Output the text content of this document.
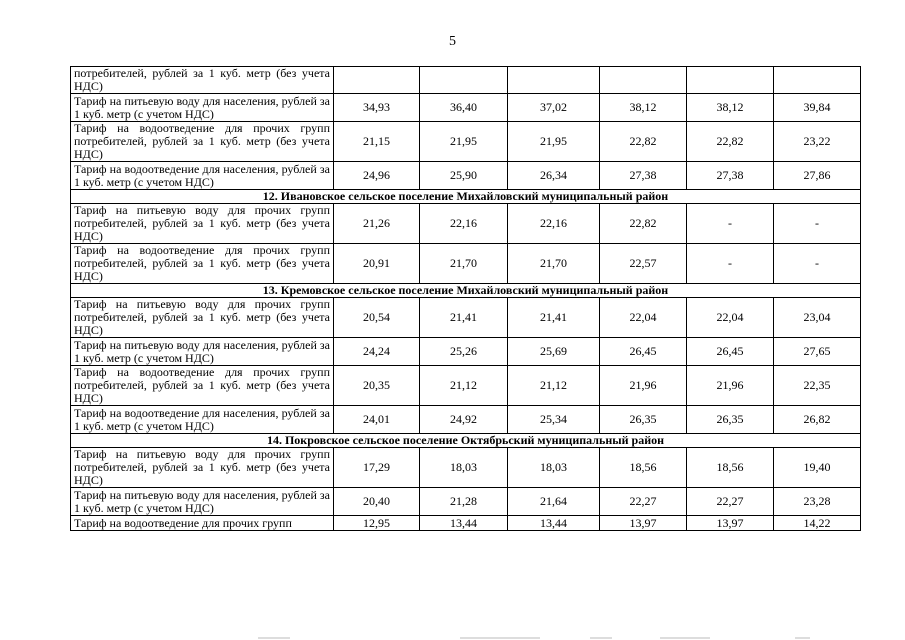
5
потребителей, рублей за 1 куб. метр (без учета НДС)						
Тариф на питьевую воду для населения, рублей за 1 куб. метр (с учетом НДС)	34,93	36,40	37,02	38,12	38,12	39,84
Тариф на водоотведение для прочих групп потребителей, рублей за 1 куб. метр (без учета НДС)	21,15	21,95	21,95	22,82	22,82	23,22
Тариф на водоотведение для населения, рублей за 1 куб. метр (с учетом НДС)	24,96	25,90	26,34	27,38	27,38	27,86
12. Ивановское сельское поселение Михайловский муниципальный район						
Тариф на питьевую воду для прочих групп потребителей, рублей за 1 куб. метр (без учета НДС)	21,26	22,16	22,16	22,82	-	-
Тариф на водоотведение для прочих групп потребителей, рублей за 1 куб. метр (без учета НДС)	20,91	21,70	21,70	22,57	-	-
13. Кремовское сельское поселение Михайловский муниципальный район						
Тариф на питьевую воду для прочих групп потребителей, рублей за 1 куб. метр (без учета НДС)	20,54	21,41	21,41	22,04	22,04	23,04
Тариф на питьевую воду для населения, рублей за 1 куб. метр (с учетом НДС)	24,24	25,26	25,69	26,45	26,45	27,65
Тариф на водоотведение для прочих групп потребителей, рублей за 1 куб. метр (без учета НДС)	20,35	21,12	21,12	21,96	21,96	22,35
Тариф на водоотведение для населения, рублей за 1 куб. метр (с учетом НДС)	24,01	24,92	25,34	26,35	26,35	26,82
14. Покровское сельское поселение Октябрьский муниципальный район						
Тариф на питьевую воду для прочих групп потребителей, рублей за 1 куб. метр (без учета НДС)	17,29	18,03	18,03	18,56	18,56	19,40
Тариф на питьевую воду для населения, рублей за 1 куб. метр (с учетом НДС)	20,40	21,28	21,64	22,27	22,27	23,28
Тариф на водоотведение для прочих групп	12,95	13,44	13,44	13,97	13,97	14,22
